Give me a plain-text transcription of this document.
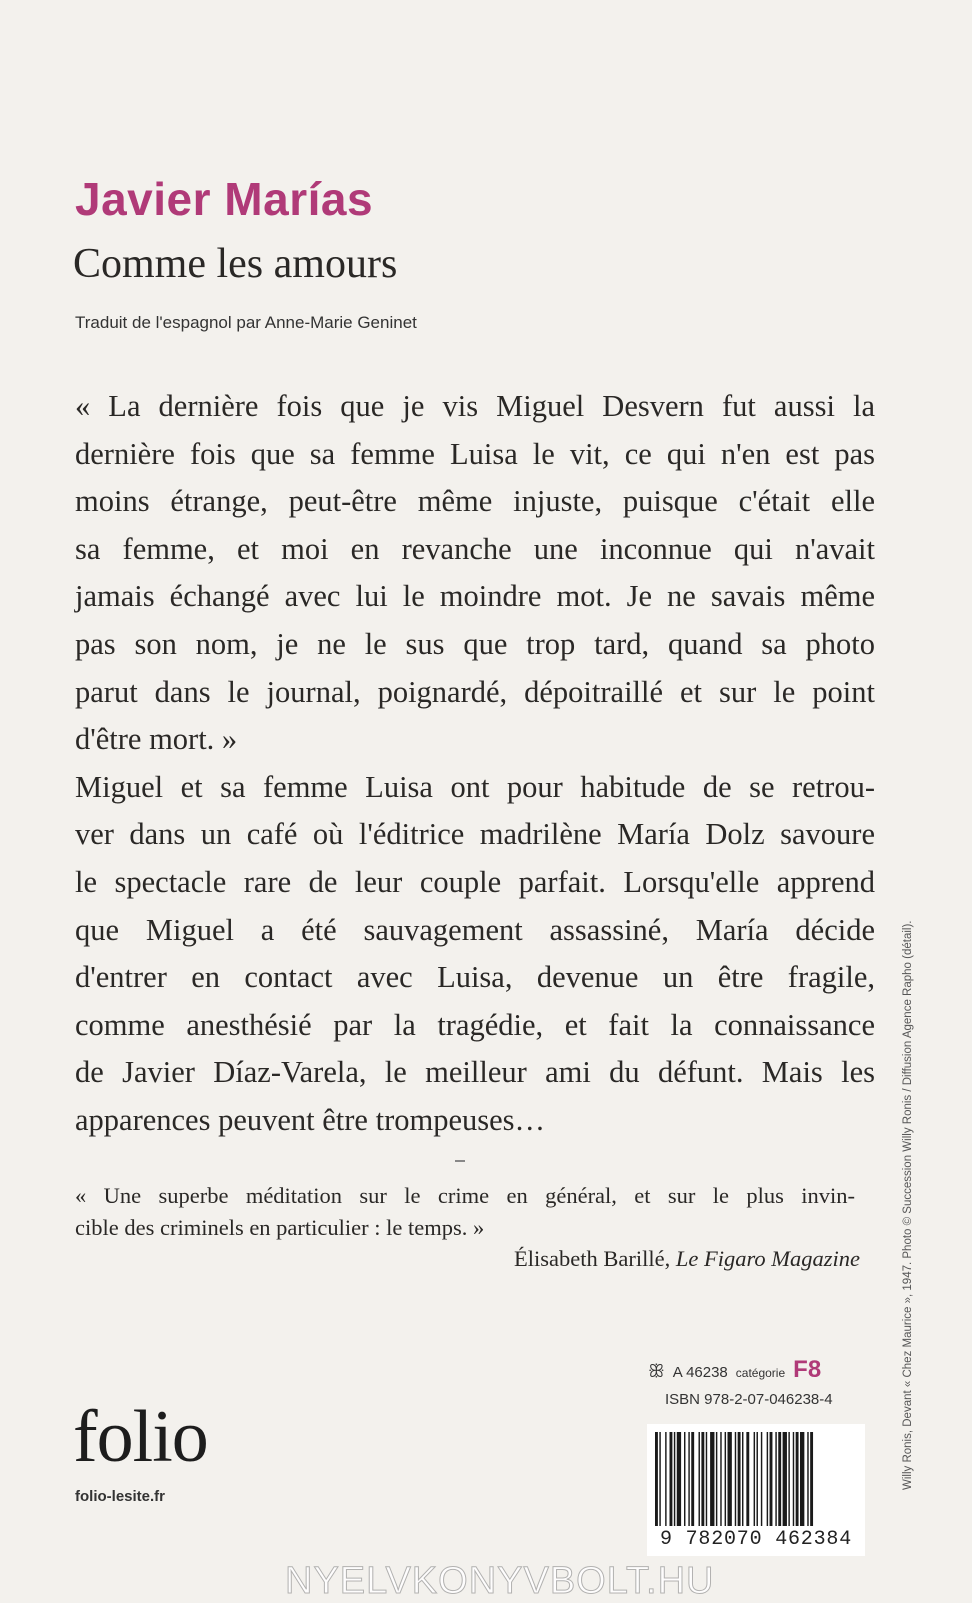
Javier Marías
Comme les amours
Traduit de l'espagnol par Anne-Marie Geninet
« La dernière fois que je vis Miguel Desvern fut aussi la
dernière fois que sa femme Luisa le vit, ce qui n'en est pas
moins étrange, peut-être même injuste, puisque c'était elle
sa femme, et moi en revanche une inconnue qui n'avait
jamais échangé avec lui le moindre mot. Je ne savais même
pas son nom, je ne le sus que trop tard, quand sa photo
parut dans le journal, poignardé, dépoitraillé et sur le point
d'être mort. »
Miguel et sa femme Luisa ont pour habitude de se retrou-
ver dans un café où l'éditrice madrilène María Dolz savoure
le spectacle rare de leur couple parfait. Lorsqu'elle apprend
que Miguel a été sauvagement assassiné, María décide
d'entrer en contact avec Luisa, devenue un être fragile,
comme anesthésié par la tragédie, et fait la connaissance
de Javier Díaz-Varela, le meilleur ami du défunt. Mais les
apparences peuvent être trompeuses…
« Une superbe méditation sur le crime en général, et sur le plus invin-
cible des criminels en particulier : le temps. »
Élisabeth Barillé, Le Figaro Magazine	Willy Ronis, Devant « Chez Maurice », 1947. Photo © Succession Willy Ronis / Diffusion Agence Rapho (détail).
ꕥ A 46238 catégorie F8
ISBN 978-2-07-046238-4
9 782070 462384
folio
folio-lesite.fr
NYELVKONYVBOLT.HU
